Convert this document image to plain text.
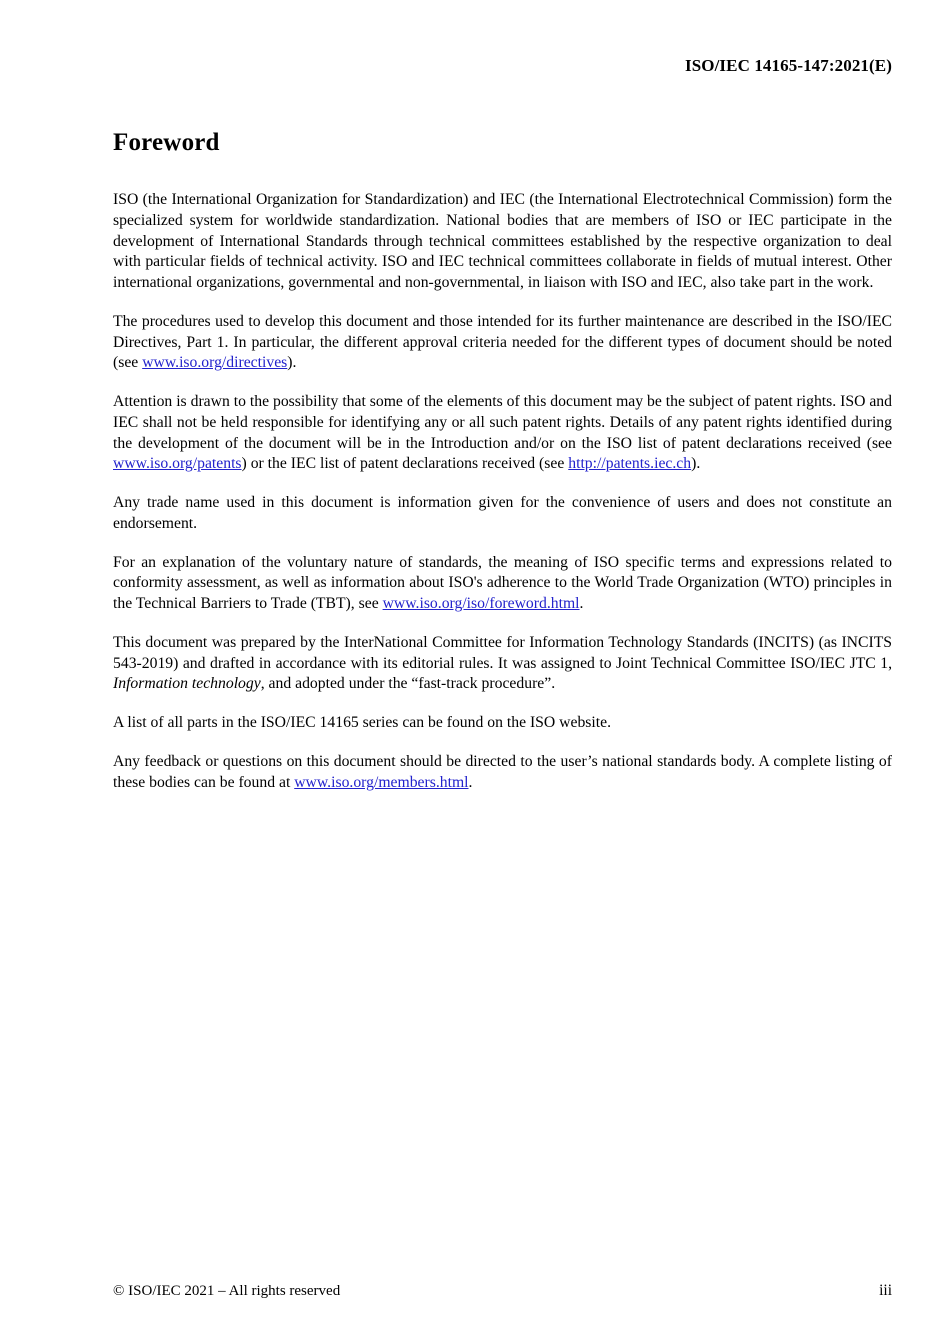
ISO/IEC 14165-147:2021(E)
Foreword

ISO (the International Organization for Standardization) and IEC (the International Electrotechnical Commission) form the specialized system for worldwide standardization. National bodies that are members of ISO or IEC participate in the development of International Standards through technical committees established by the respective organization to deal with particular fields of technical activity. ISO and IEC technical committees collaborate in fields of mutual interest. Other international organizations, governmental and non-governmental, in liaison with ISO and IEC, also take part in the work.

The procedures used to develop this document and those intended for its further maintenance are described in the ISO/IEC Directives, Part 1. In particular, the different approval criteria needed for the different types of document should be noted (see www.iso.org/directives).

Attention is drawn to the possibility that some of the elements of this document may be the subject of patent rights. ISO and IEC shall not be held responsible for identifying any or all such patent rights. Details of any patent rights identified during the development of the document will be in the Introduction and/or on the ISO list of patent declarations received (see www.iso.org/patents) or the IEC list of patent declarations received (see http://patents.iec.ch).

Any trade name used in this document is information given for the convenience of users and does not constitute an endorsement.

For an explanation of the voluntary nature of standards, the meaning of ISO specific terms and expressions related to conformity assessment, as well as information about ISO's adherence to the World Trade Organization (WTO) principles in the Technical Barriers to Trade (TBT), see www.iso.org/iso/foreword.html.

This document was prepared by the InterNational Committee for Information Technology Standards (INCITS) (as INCITS 543-2019) and drafted in accordance with its editorial rules. It was assigned to Joint Technical Committee ISO/IEC JTC 1, Information technology, and adopted under the “fast-track procedure”.

A list of all parts in the ISO/IEC 14165 series can be found on the ISO website.

Any feedback or questions on this document should be directed to the user’s national standards body. A complete listing of these bodies can be found at www.iso.org/members.html.

© ISO/IEC 2021 – All rights reserved	iii
